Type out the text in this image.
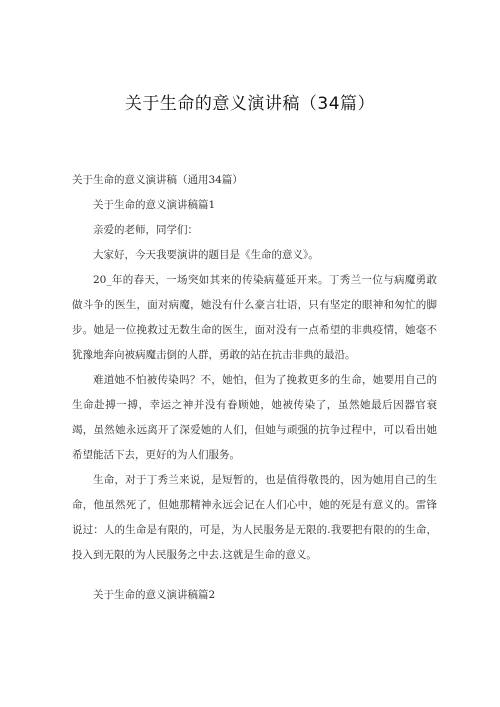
关于生命的意义演讲稿（34篇）
关于生命的意义演讲稿（通用34篇）
关于生命的意义演讲稿篇1
亲爱的老师，同学们：
大家好，今天我要演讲的题目是《生命的意义》。

20_年的春天，一场突如其来的传染病蔓延开来。丁秀兰一位与病魔勇敢做斗争的医生，面对病魔，她没有什么豪言壮语，只有坚定的眼神和匆忙的脚步。她是一位挽救过无数生命的医生，面对没有一点希望的非典疫情，她毫不犹豫地奔向被病魔击倒的人群，勇敢的站在抗击非典的最沿。

难道她不怕被传染吗？不，她怕，但为了挽救更多的生命，她要用自己的生命赴搏一搏，幸运之神并没有眷顾她，她被传染了，虽然她最后因器官衰竭，虽然她永远离开了深爱她的人们，但她与顽强的抗争过程中，可以看出她希望能活下去，更好的为人们服务。

生命，对于丁秀兰来说，是短暂的，也是值得敬畏的，因为她用自己的生命，他虽然死了，但她那精神永远会记在人们心中，她的死是有意义的。雷锋说过：人的生命是有限的，可是，为人民服务是无限的.我要把有限的的生命，投入到无限的为人民服务之中去.这就是生命的意义。

关于生命的意义演讲稿篇2
